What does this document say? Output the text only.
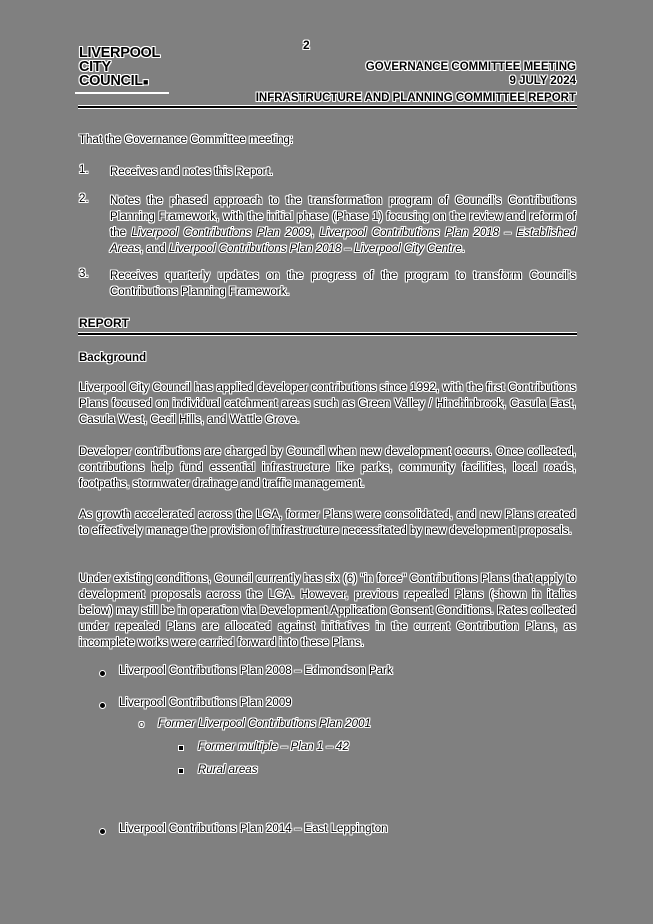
2
LIVERPOOL
CITY
COUNCIL■
GOVERNANCE COMMITTEE MEETING
9 JULY 2024
INFRASTRUCTURE AND PLANNING COMMITTEE REPORT
That the Governance Committee meeting:
1. Receives and notes this Report.
2. Notes the phased approach to the transformation program of Council's Contributions Planning Framework, with the initial phase (Phase 1) focusing on the review and reform of the Liverpool Contributions Plan 2009, Liverpool Contributions Plan 2018 – Established Areas, and Liverpool Contributions Plan 2018 – Liverpool City Centre.
3. Receives quarterly updates on the progress of the program to transform Council's Contributions Planning Framework.
REPORT
Background
Liverpool City Council has applied developer contributions since 1992, with the first Contributions Plans focused on individual catchment areas such as Green Valley / Hinchinbrook, Casula East, Casula West, Cecil Hills, and Wattle Grove.
Developer contributions are charged by Council when new development occurs. Once collected, contributions help fund essential infrastructure like parks, community facilities, local roads, footpaths, stormwater drainage and traffic management.
As growth accelerated across the LGA, former Plans were consolidated, and new Plans created to effectively manage the provision of infrastructure necessitated by new development proposals.
Under existing conditions, Council currently has six (6) "in force" Contributions Plans that apply to development proposals across the LGA. However, previous repealed Plans (shown in italics below) may still be in operation via Development Application Consent Conditions. Rates collected under repealed Plans are allocated against initiatives in the current Contribution Plans, as incomplete works were carried forward into these Plans.
Liverpool Contributions Plan 2008 – Edmondson Park
Liverpool Contributions Plan 2009
o Former Liverpool Contributions Plan 2001
Former multiple – Plan 1 – 42
Rural areas
Liverpool Contributions Plan 2014 – East Leppington
